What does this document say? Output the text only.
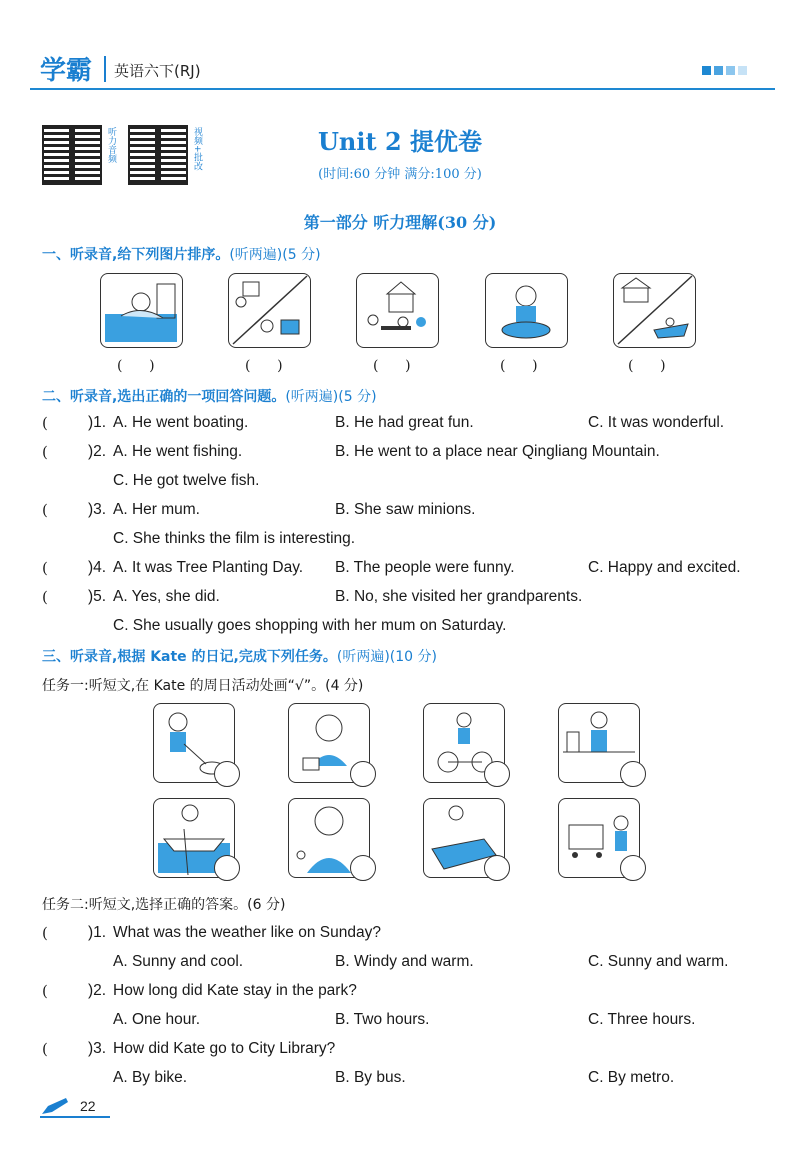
学霸 英语六下(RJ)
听力音频	视频+批改	Unit 2 提优卷
(时间:60 分钟 满分:100 分)
第一部分 听力理解(30 分)
一、听录音,给下列图片排序。(听两遍)(5 分)
(      )	(      )	(      )	(      )	(      )
二、听录音,选出正确的一项回答问题。(听两遍)(5 分)
(	)1. A. He went boating.	B. He had great fun.	C. It was wonderful.
(	)2. A. He went fishing.	B. He went to a place near Qingliang Mountain.
C. He got twelve fish.
(	)3. A. Her mum.	B. She saw minions.
C. She thinks the film is interesting.
(	)4. A. It was Tree Planting Day. B. The people were funny.	C. Happy and excited.
(	)5. A. Yes, she did.	B. No, she visited her grandparents.
C. She usually goes shopping with her mum on Saturday.
三、听录音,根据 Kate 的日记,完成下列任务。(听两遍)(10 分)
任务一:听短文,在 Kate 的周日活动处画“√”。(4 分)
任务二:听短文,选择正确的答案。(6 分)
(	)1. What was the weather like on Sunday?
A. Sunny and cool.	B. Windy and warm.	C. Sunny and warm.
(	)2. How long did Kate stay in the park?
A. One hour.	B. Two hours.	C. Three hours.
(	)3. How did Kate go to City Library?
A. By bike.	B. By bus.	C. By metro.
22
